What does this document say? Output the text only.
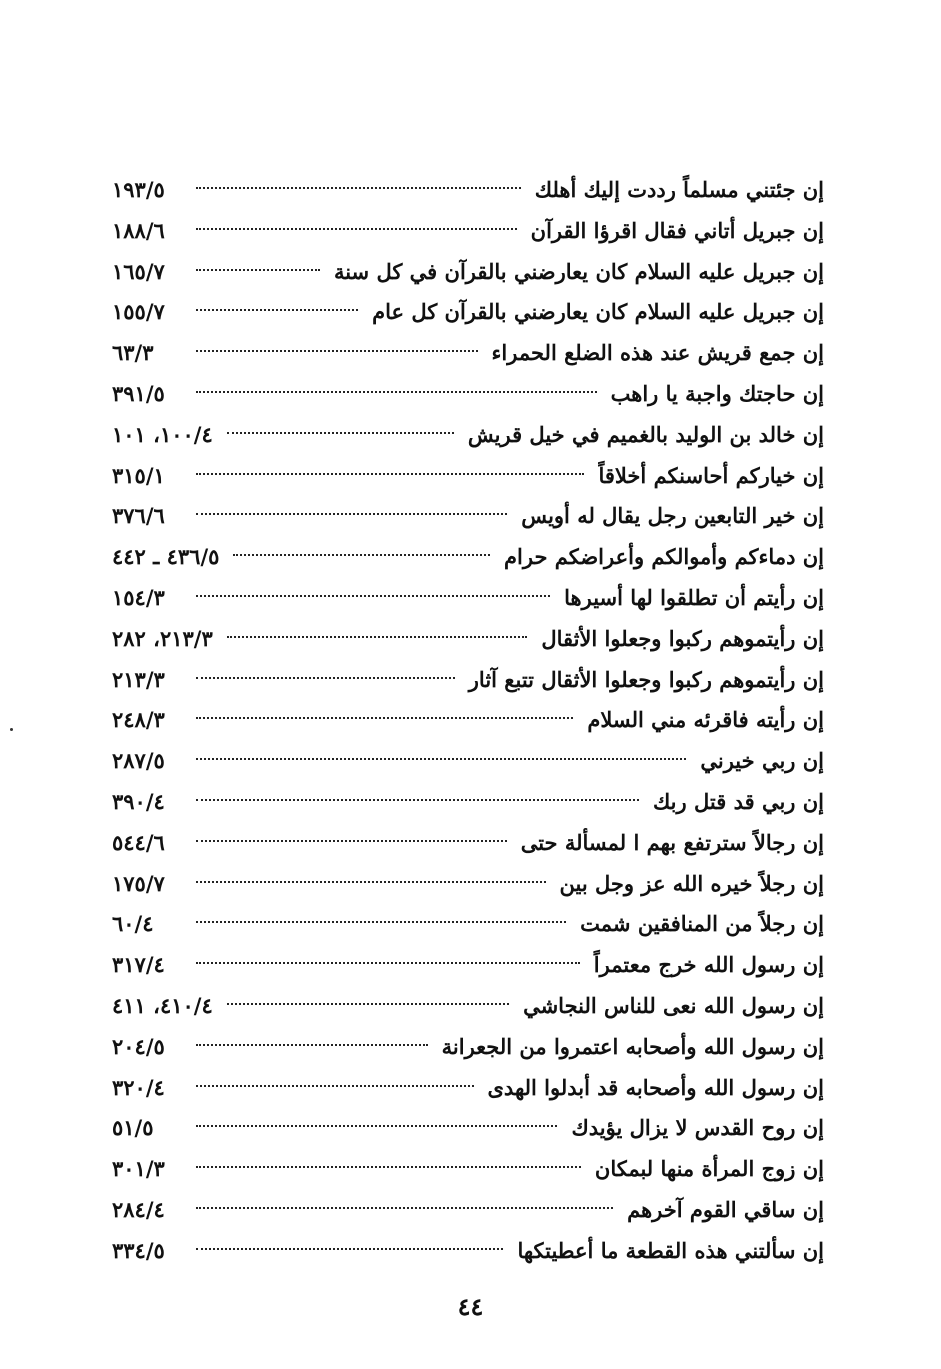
إن جئتني مسلماً رددت إليك أهلك
١٩٣/٥
إن جبريل أتاني فقال اقرؤا القرآن
١٨٨/٦
إن جبريل عليه السلام كان يعارضني بالقرآن في كل سنة
١٦٥/٧
إن جبريل عليه السلام كان يعارضني بالقرآن كل عام
١٥٥/٧
إن جمع قريش عند هذه الضلع الحمراء
٦٣/٣
إن حاجتك واجبة يا راهب
٣٩١/٥
إن خالد بن الوليد بالغميم في خيل قريش
١٠٠/٤، ١٠١
إن خياركم أحاسنكم أخلاقاً
٣١٥/١
إن خير التابعين رجل يقال له أويس
٣٧٦/٦
إن دماءكم وأموالكم وأعراضكم حرام
٤٣٦/٥ ـ ٤٤٢
إن رأيتم أن تطلقوا لها أسيرها
١٥٤/٣
إن رأيتموهم ركبوا وجعلوا الأثقال
٢١٣/٣، ٢٨٢
إن رأيتموهم ركبوا وجعلوا الأثقال تتبع آثار
٢١٣/٣
إن رأيته فاقرئه مني السلام
٢٤٨/٣
إن ربي خيرني
٢٨٧/٥
إن ربي قد قتل ربك
٣٩٠/٤
إن رجالاً سترتفع بهم ا لمسألة حتى
٥٤٤/٦
إن رجلاً خيره الله عز وجل بين
١٧٥/٧
إن رجلاً من المنافقين شمت
٦٠/٤
إن رسول الله خرج معتمراً
٣١٧/٤
إن رسول الله نعى للناس النجاشي
٤١٠/٤، ٤١١
إن رسول الله وأصحابه اعتمروا من الجعرانة
٢٠٤/٥
إن رسول الله وأصحابه قد أبدلوا الهدى
٣٢٠/٤
إن روح القدس لا يزال يؤيدك
٥١/٥
إن زوج المرأة منها لبمكان
٣٠١/٣
إن ساقي القوم آخرهم
٢٨٤/٤
إن سألتني هذه القطعة ما أعطيتكها
٣٣٤/٥
٤٤
